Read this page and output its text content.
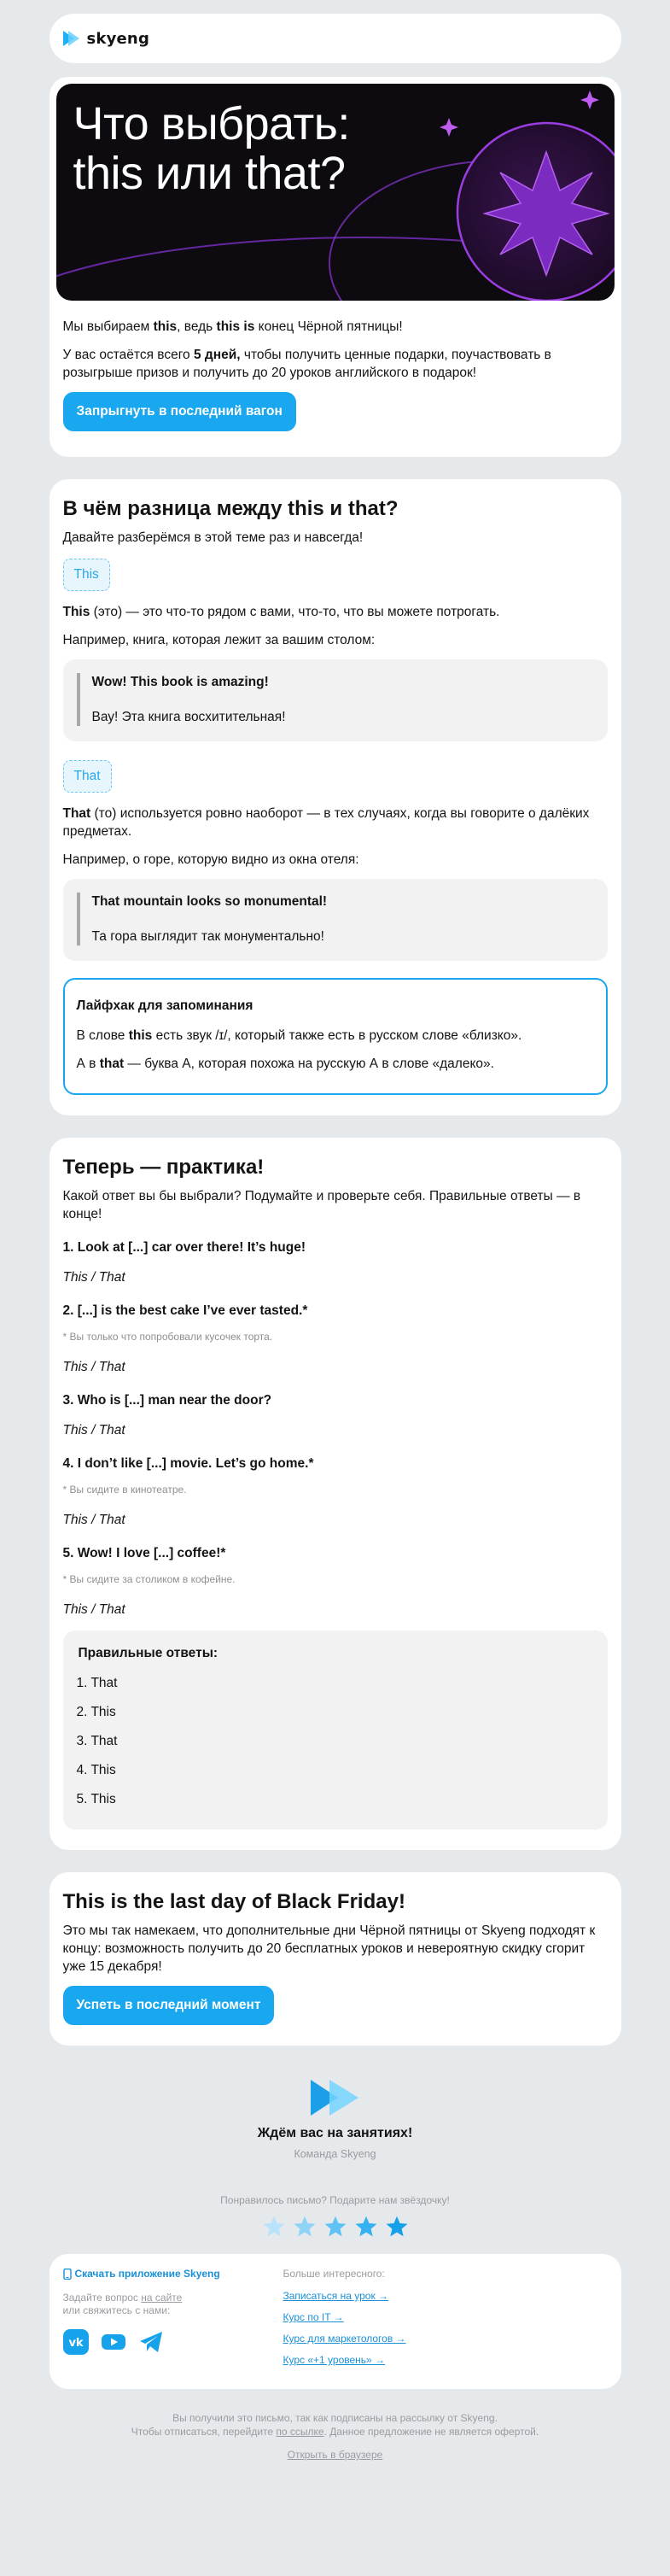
skyeng
Что выбрать:
this или that?

Мы выбираем this, ведь this is конец Чёрной пятницы!

У вас остаётся всего 5 дней, чтобы получить ценные подарки, поучаствовать в розыгрыше призов и получить до 20 уроков английского в подарок!

Запрыгнуть в последний вагон
В чём разница между this и that?

Давайте разберёмся в этой теме раз и навсегда!

This

This (это) — это что-то рядом с вами, что-то, что вы можете потрогать.

Например, книга, которая лежит за вашим столом:

Wow! This book is amazing!
Вау! Эта книга восхитительная!
That

That (то) используется ровно наоборот — в тех случаях, когда вы говорите о далёких предметах.

Например, о горе, которую видно из окна отеля:

That mountain looks so monumental!
Та гора выглядит так монументально!
Лайфхак для запоминания

В слове this есть звук /ɪ/, который также есть в русском слове «близко».

А в that — буква А, которая похожа на русскую А в слове «далеко».

Теперь — практика!

Какой ответ вы бы выбрали? Подумайте и проверьте себя. Правильные ответы — в конце!

1. Look at [...] car over there! It’s huge!
This / That
2. [...] is the best cake I’ve ever tasted.*
* Вы только что попробовали кусочек торта.
This / That
3. Who is [...] man near the door?
This / That
4. I don’t like [...] movie. Let’s go home.*
* Вы сидите в кинотеатре.
This / That
5. Wow! I love [...] coffee!*
* Вы сидите за столиком в кофейне.
This / That
Правильные ответы:
1. That
2. This
3. That
4. This
5. This
This is the last day of Black Friday!

Это мы так намекаем, что дополнительные дни Чёрной пятницы от Skyeng подходят к концу: возможность получить до 20 бесплатных уроков и невероятную скидку сгорит уже 15 декабря!

Успеть в последний момент
Ждём вас на занятиях!
Команда Skyeng
Понравилось письмо? Подарите нам звёздочку!
Скачать приложение Skyeng
Задайте вопрос на сайте
или свяжитесь с нами:
vk
Больше интересного:
Записаться на урок →
Курс по IT →
Курс для маркетологов →
Курс «+1 уровень» →
Вы получили это письмо, так как подписаны на рассылку от Skyeng.
Чтобы отписаться, перейдите по ссылке. Данное предложение не является офертой.
Открыть в браузере
